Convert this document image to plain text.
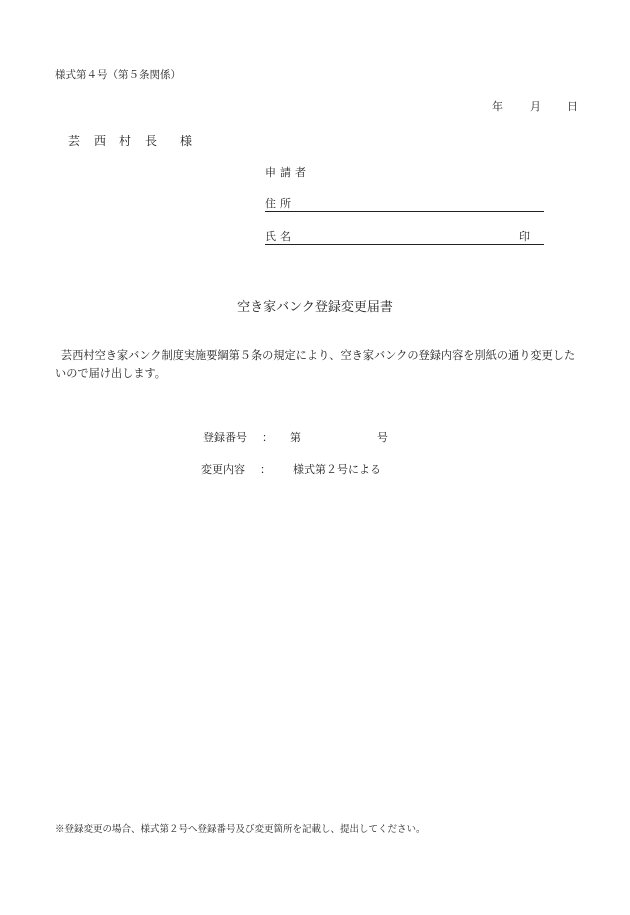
様式第４号（第５条関係）
年 月 日
芸 西 村 長 様
申請者
住所
氏名	印
空き家バンク登録変更届書
芸西村空き家バンク制度実施要綱第５条の規定により、空き家バンクの登録内容を別紙の通り変更したいので届け出します。
登録番号 ： 第	号
変更内容 ： 様式第２号による
※登録変更の場合、様式第２号へ登録番号及び変更箇所を記載し、提出してください。
